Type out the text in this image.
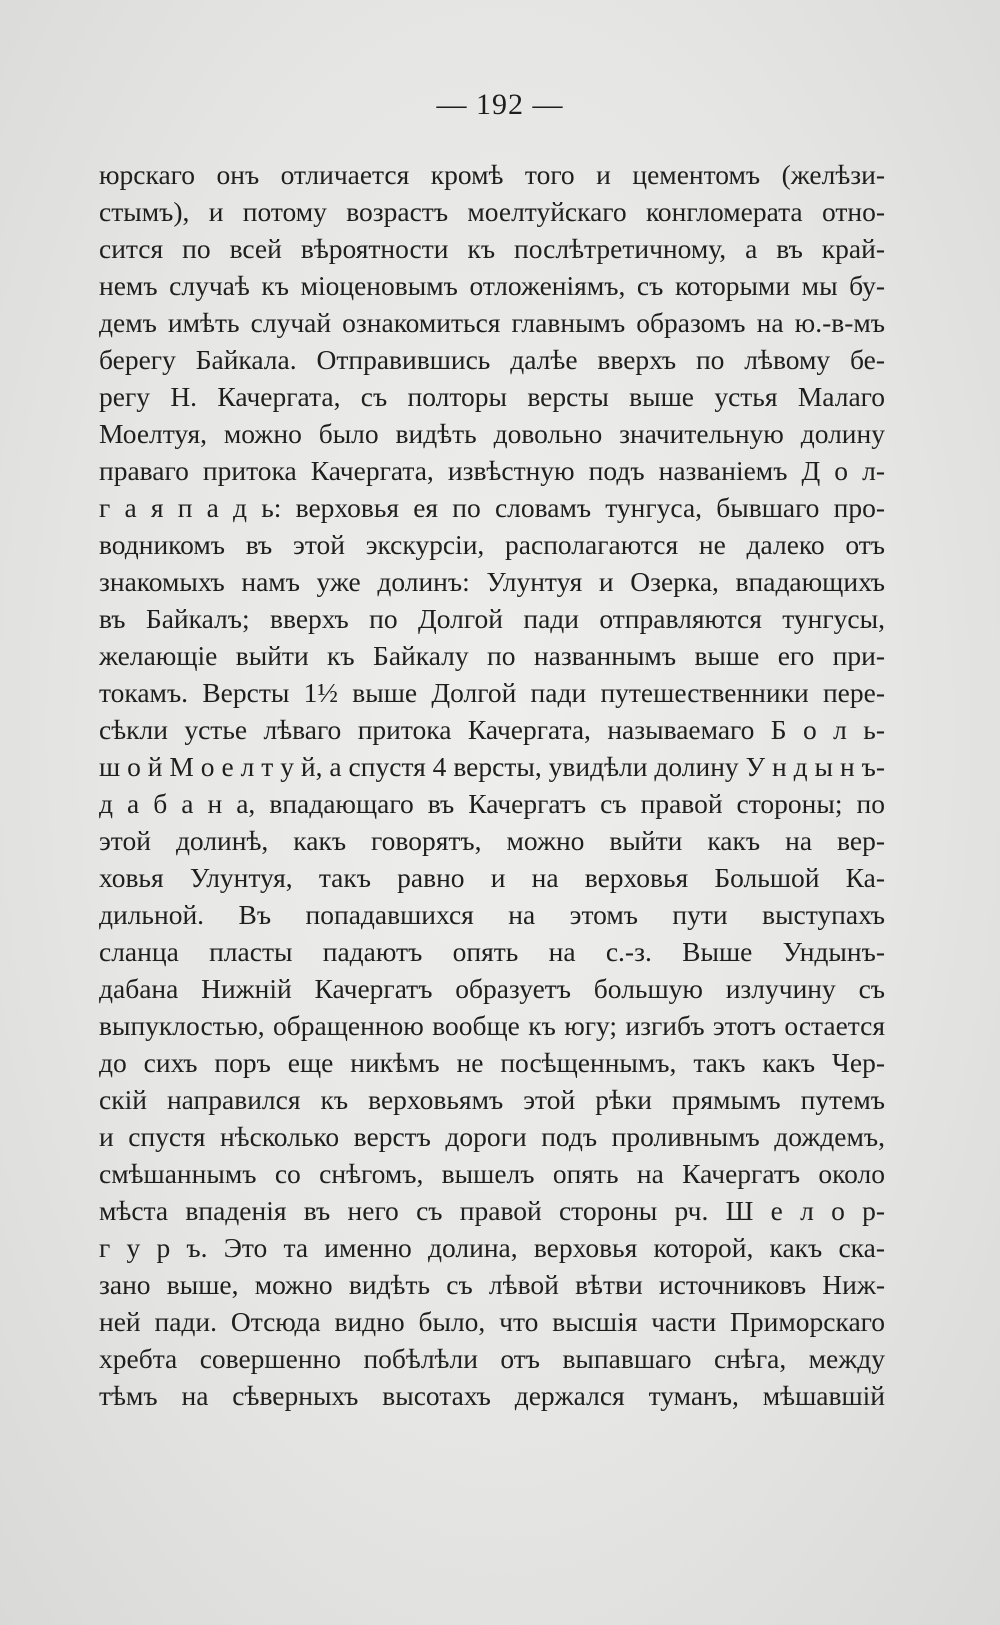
— 192 —
юрскаго онъ отличается кромѣ того и цементомъ (желѣзи-
стымъ), и потому возрастъ моелтуйскаго конгломерата отно-
сится по всей вѣроятности къ послѣтретичному, а въ край-
немъ случаѣ къ міоценовымъ отложеніямъ, съ которыми мы бу-
демъ имѣть случай ознакомиться главнымъ образомъ на ю.-в-мъ
берегу Байкала. Отправившись далѣе вверхъ по лѣвому бе-
регу Н. Качергата, съ полторы версты выше устья Малаго
Моелтуя, можно было видѣть довольно значительную долину
праваго притока Качергата, извѣстную подъ названіемъ Д о л-
г а я п а д ь: верховья ея по словамъ тунгуса, бывшаго про-
водникомъ въ этой экскурсіи, располагаются не далеко отъ
знакомыхъ намъ уже долинъ: Улунтуя и Озерка, впадающихъ
въ Байкалъ; вверхъ по Долгой пади отправляются тунгусы,
желающіе выйти къ Байкалу по названнымъ выше его при-
токамъ. Версты 1½ выше Долгой пади путешественники пере-
сѣкли устье лѣваго притока Качергата, называемаго Б о л ь-
ш о й М о е л т у й, а спустя 4 версты, увидѣли долину У н д ы н ъ-
д а б а н а, впадающаго въ Качергатъ съ правой стороны; по
этой долинѣ, какъ говорятъ, можно выйти какъ на вер-
ховья Улунтуя, такъ равно и на верховья Большой Ка-
дильной. Въ попадавшихся на этомъ пути выступахъ
сланца пласты падаютъ опять на с.-з. Выше Ундынъ-
дабана Нижній Качергатъ образуетъ большую излучину съ
выпуклостью, обращенною вообще къ югу; изгибъ этотъ остается
до сихъ поръ еще никѣмъ не посѣщеннымъ, такъ какъ Чер-
скій направился къ верховьямъ этой рѣки прямымъ путемъ
и спустя нѣсколько верстъ дороги подъ проливнымъ дождемъ,
смѣшаннымъ со снѣгомъ, вышелъ опять на Качергатъ около
мѣста впаденія въ него съ правой стороны рч. Ш е л о р-
г у р ъ. Это та именно долина, верховья которой, какъ ска-
зано выше, можно видѣть съ лѣвой вѣтви источниковъ Ниж-
ней пади. Отсюда видно было, что высшія части Приморскаго
хребта совершенно побѣлѣли отъ выпавшаго снѣга, между
тѣмъ на сѣверныхъ высотахъ держался туманъ, мѣшавшій
